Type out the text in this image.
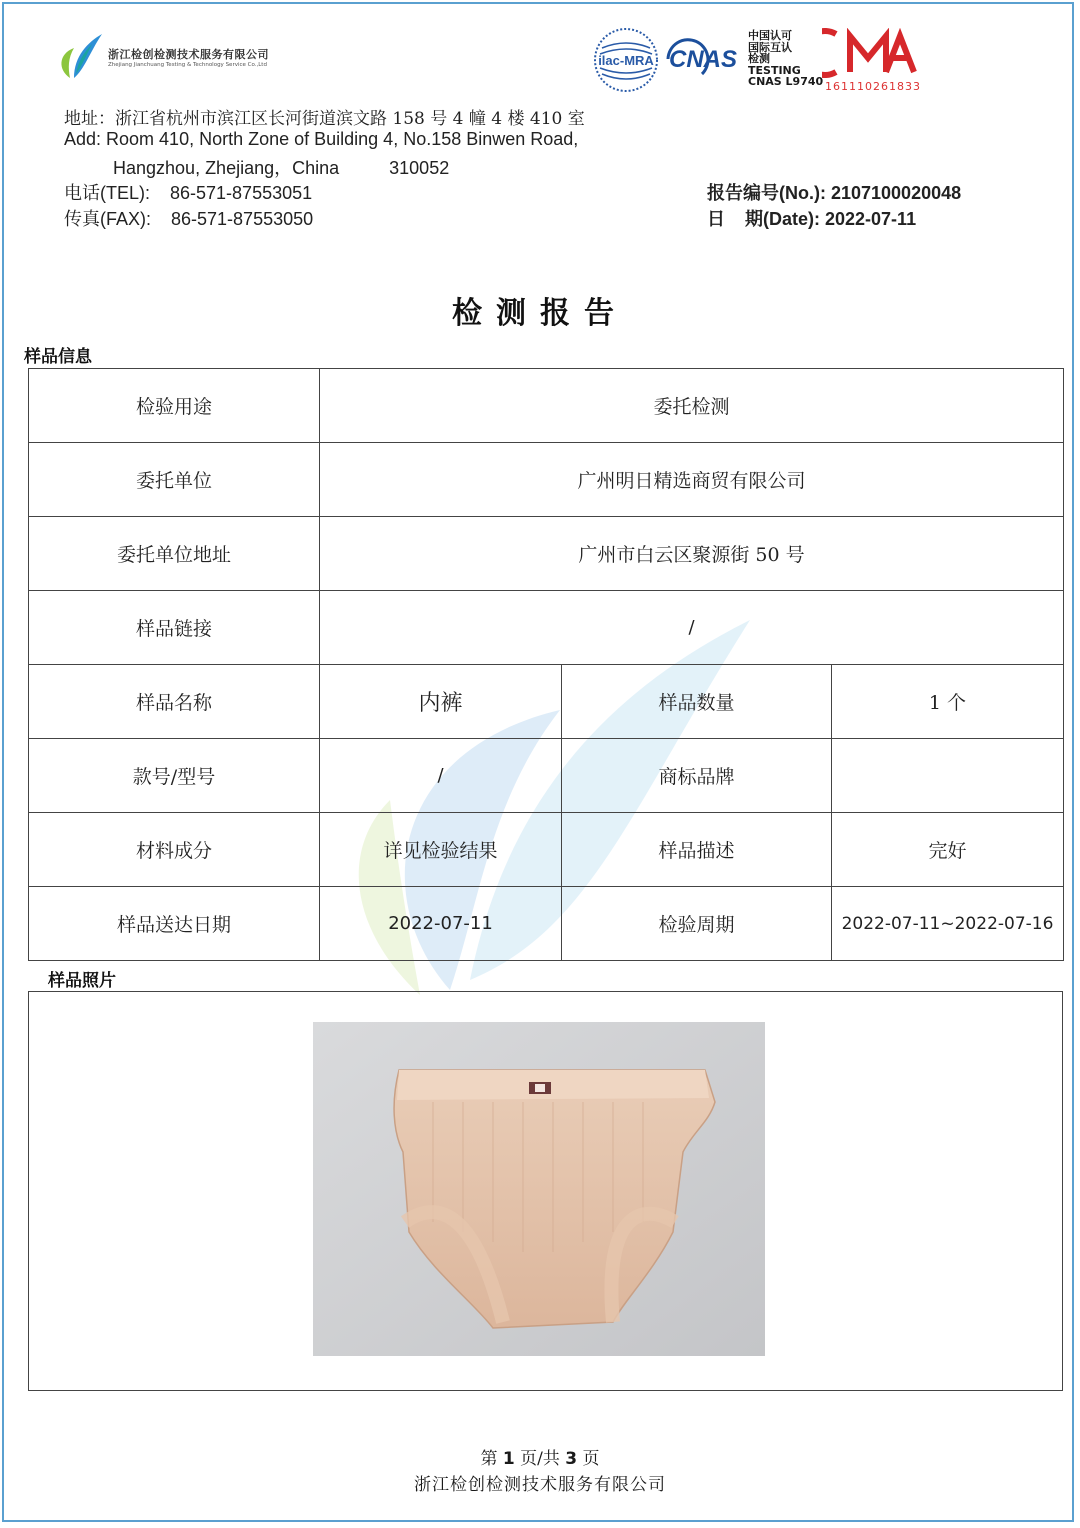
浙江检创检测技术服务有限公司
Zhejiang Jianchuang Testing & Technology Service Co.,Ltd	ilac-MRA CNAS
中国认可
国际互认
检测
TESTING
CNAS L9740
CMA
161110261833
地址：浙江省杭州市滨江区长河街道滨文路 158 号 4 幢 4 楼 410 室
Add: Room 410, North Zone of Building 4, No.158 Binwen Road,
Hangzhou, Zhejiang，China          310052
电话(TEL):    86-571-87553051
传真(FAX):    86-571-87553050
报告编号(No.): 2107100020048
日    期(Date): 2022-07-11
检测报告
样品信息
检验用途	委托检测		
委托单位	广州明日精选商贸有限公司		
委托单位地址	广州市白云区聚源街 50 号		
样品链接	/		
样品名称	内裤	样品数量	1 个
款号/型号	/	商标品牌	
材料成分	详见检验结果	样品描述	完好
样品送达日期	2022-07-11	检验周期	2022-07-11~2022-07-16
样品照片
第 1 页/共 3 页
浙江检创检测技术服务有限公司
